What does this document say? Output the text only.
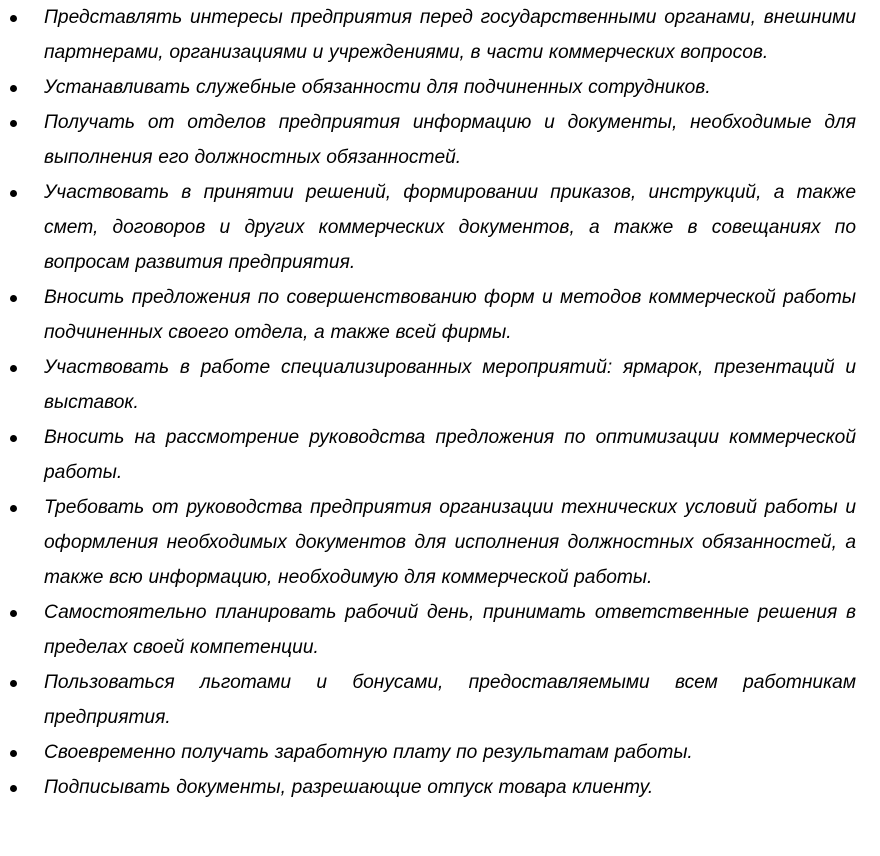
Представлять интересы предприятия перед государственными органами, внешними партнерами, организациями и учреждениями, в части коммерческих вопросов.
Устанавливать служебные обязанности для подчиненных сотрудников.
Получать от отделов предприятия информацию и документы, необходимые для выполнения его должностных обязанностей.
Участвовать в принятии решений, формировании приказов, инструкций, а также смет, договоров и других коммерческих документов, а также в совещаниях по вопросам развития предприятия.
Вносить предложения по совершенствованию форм и методов коммерческой работы подчиненных своего отдела, а также всей фирмы.
Участвовать в работе специализированных мероприятий: ярмарок, презентаций и выставок.
Вносить на рассмотрение руководства предложения по оптимизации коммерческой работы.
Требовать от руководства предприятия организации технических условий работы и оформления необходимых документов для исполнения должностных обязанностей, а также всю информацию, необходимую для коммерческой работы.
Самостоятельно планировать рабочий день, принимать ответственные решения в пределах своей компетенции.
Пользоваться льготами и бонусами, предоставляемыми всем работникам предприятия.
Своевременно получать заработную плату по результатам работы.
Подписывать документы, разрешающие отпуск товара клиенту.
